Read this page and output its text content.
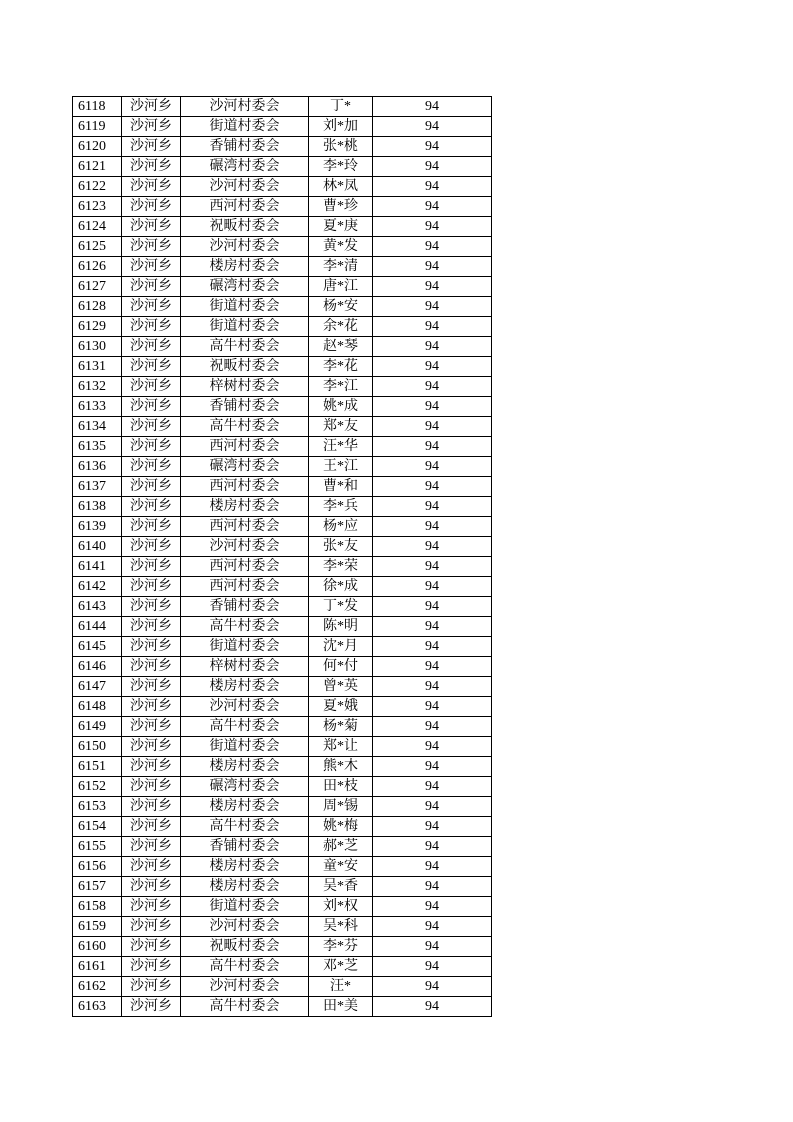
6118	沙河乡	沙河村委会	丁*	94
6119	沙河乡	街道村委会	刘*加	94
6120	沙河乡	香铺村委会	张*桃	94
6121	沙河乡	碾湾村委会	李*玲	94
6122	沙河乡	沙河村委会	林*凤	94
6123	沙河乡	西河村委会	曹*珍	94
6124	沙河乡	祝畈村委会	夏*庚	94
6125	沙河乡	沙河村委会	黄*发	94
6126	沙河乡	楼房村委会	李*清	94
6127	沙河乡	碾湾村委会	唐*江	94
6128	沙河乡	街道村委会	杨*安	94
6129	沙河乡	街道村委会	余*花	94
6130	沙河乡	高牛村委会	赵*琴	94
6131	沙河乡	祝畈村委会	李*花	94
6132	沙河乡	梓树村委会	李*江	94
6133	沙河乡	香铺村委会	姚*成	94
6134	沙河乡	高牛村委会	郑*友	94
6135	沙河乡	西河村委会	汪*华	94
6136	沙河乡	碾湾村委会	王*江	94
6137	沙河乡	西河村委会	曹*和	94
6138	沙河乡	楼房村委会	李*兵	94
6139	沙河乡	西河村委会	杨*应	94
6140	沙河乡	沙河村委会	张*友	94
6141	沙河乡	西河村委会	李*荣	94
6142	沙河乡	西河村委会	徐*成	94
6143	沙河乡	香铺村委会	丁*发	94
6144	沙河乡	高牛村委会	陈*明	94
6145	沙河乡	街道村委会	沈*月	94
6146	沙河乡	梓树村委会	何*付	94
6147	沙河乡	楼房村委会	曾*英	94
6148	沙河乡	沙河村委会	夏*娥	94
6149	沙河乡	高牛村委会	杨*菊	94
6150	沙河乡	街道村委会	郑*让	94
6151	沙河乡	楼房村委会	熊*木	94
6152	沙河乡	碾湾村委会	田*枝	94
6153	沙河乡	楼房村委会	周*锡	94
6154	沙河乡	高牛村委会	姚*梅	94
6155	沙河乡	香铺村委会	郝*芝	94
6156	沙河乡	楼房村委会	童*安	94
6157	沙河乡	楼房村委会	吴*香	94
6158	沙河乡	街道村委会	刘*权	94
6159	沙河乡	沙河村委会	吴*科	94
6160	沙河乡	祝畈村委会	李*芬	94
6161	沙河乡	高牛村委会	邓*芝	94
6162	沙河乡	沙河村委会	汪*	94
6163	沙河乡	高牛村委会	田*美	94
